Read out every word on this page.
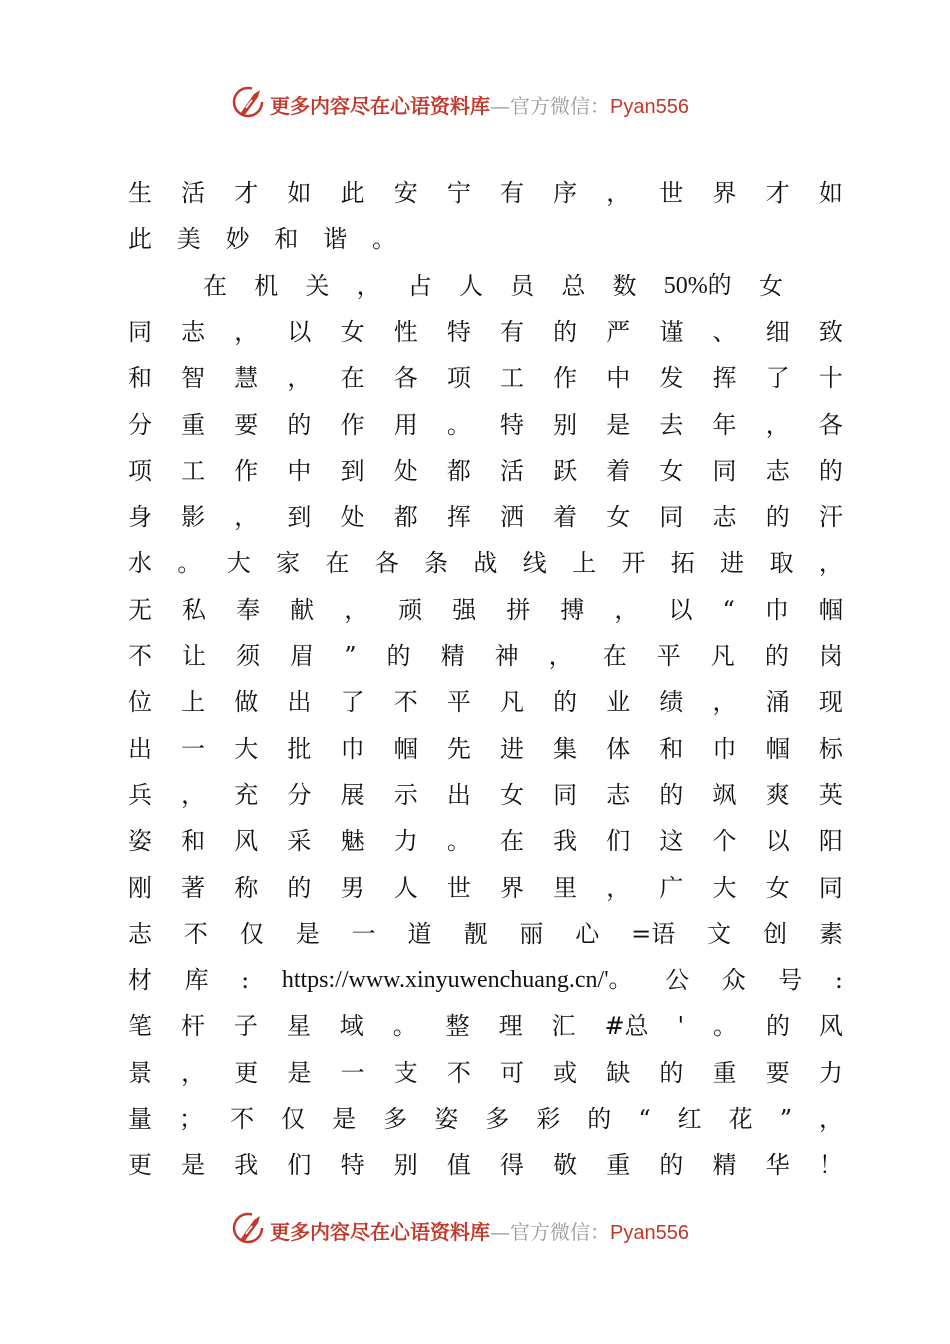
更多内容尽在心语资料库—官方微信：Pyan556
生 活 才 如 此 安 宁 有 序 ， 世 界 才 如
此 美 妙 和 谐 。
在 机 关 ， 占 人 员 总 数 50%的 女
同 志 ， 以 女 性 特 有 的 严 谨 、 细 致
和 智 慧 ， 在 各 项 工 作 中 发 挥 了 十
分 重 要 的 作 用 。 特 别 是 去 年 ， 各
项 工 作 中 到 处 都 活 跃 着 女 同 志 的
身 影 ， 到 处 都 挥 洒 着 女 同 志 的 汗
水 。 大 家 在 各 条 战 线 上 开 拓 进 取 ，
无 私 奉 献 ， 顽 强 拼 搏 ， 以 “ 巾 帼
不 让 须 眉 ” 的 精 神 ， 在 平 凡 的 岗
位 上 做 出 了 不 平 凡 的 业 绩 ， 涌 现
出 一 大 批 巾 帼 先 进 集 体 和 巾 帼 标
兵 ， 充 分 展 示 出 女 同 志 的 飒 爽 英
姿 和 风 采 魅 力 。 在 我 们 这 个 以 阳
刚 著 称 的 男 人 世 界 里 ， 广 大 女 同
志 不 仅 是 一 道 靓 丽 心 =语 文 创 素
材 库 : https://www.xinyuwenchuang.cn/'。 公 众 号 :
笔 杆 子 星 域 。 整 理 汇 #总 ' 。 的 风
景 ， 更 是 一 支 不 可 或 缺 的 重 要 力
量 ； 不 仅 是 多 姿 多 彩 的 “ 红 花 ” ，
更 是 我 们 特 别 值 得 敬 重 的 精 华 ！
更多内容尽在心语资料库—官方微信：Pyan556
